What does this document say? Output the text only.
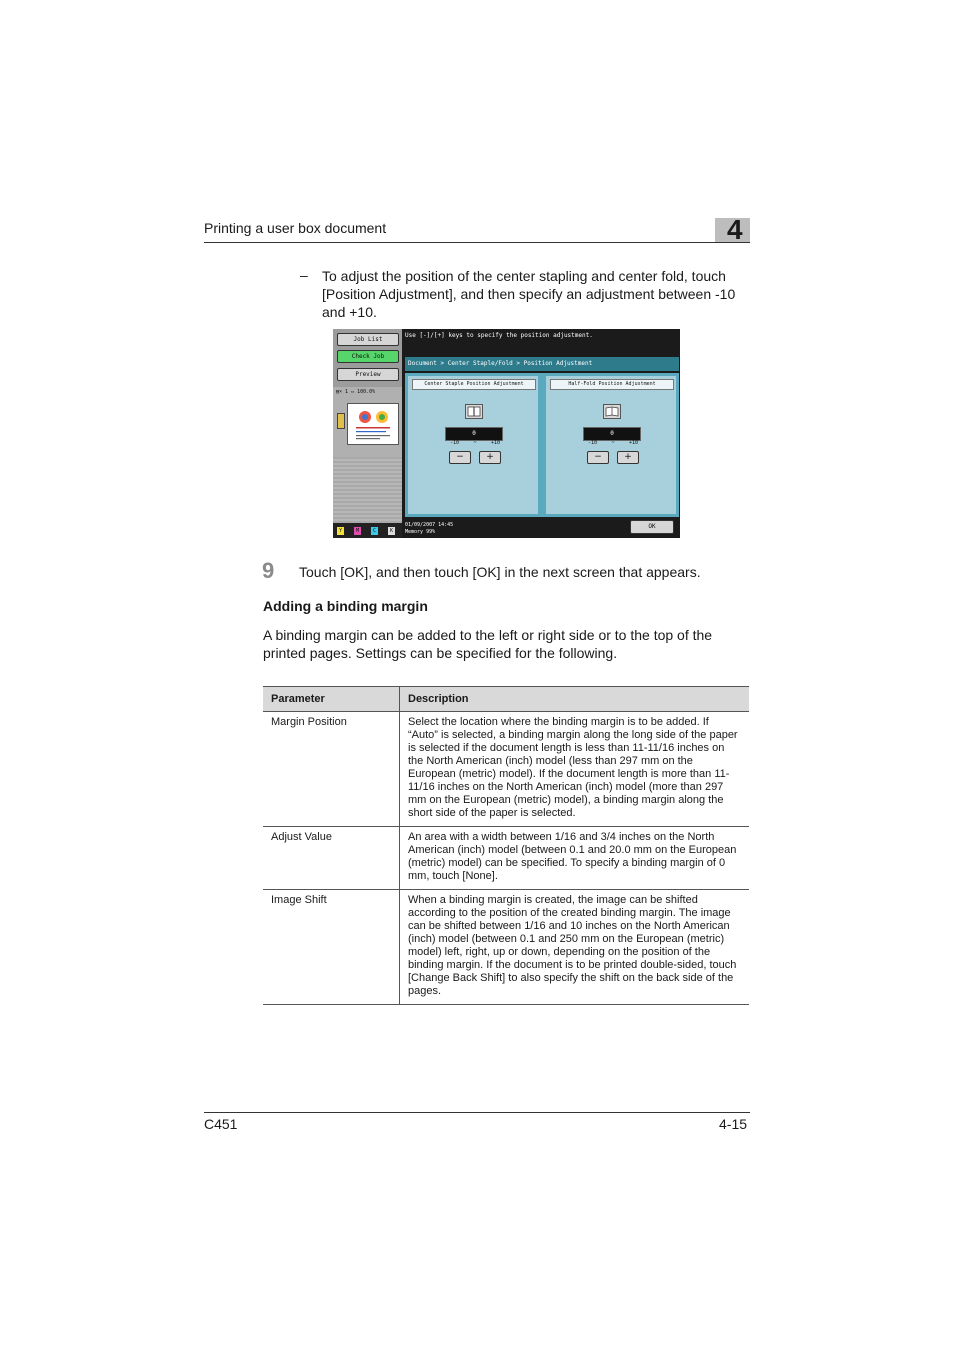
Printing a user box document	4
– To adjust the position of the center stapling and center fold, touch [Position Adjustment], and then specify an adjustment between -10 and +10.
Job List
Check Job
Preview
▤× 1 ▭ 100.0%
Y	M	C	K
Use [-]/[+] keys to specify the position adjustment.
Document > Center Staple/Fold > Position Adjustment
Center Staple Position Adjustment
0
-10	~	+10
−	+
Half-Fold Position Adjustment
0
-10	~	+10
−	+
01/09/2007 14:45
Memory 99%
OK
9 Touch [OK], and then touch [OK] in the next screen that appears.
Adding a binding margin
A binding margin can be added to the left or right side or to the top of the printed pages. Settings can be specified for the following.
Parameter	Description
Margin Position	Select the location where the binding margin is to be added. If “Auto” is selected, a binding margin along the long side of the paper is selected if the document length is less than 11-11/16 inches on the North American (inch) model (less than 297 mm on the European (metric) model). If the document length is more than 11-11/16 inches on the North American (inch) model (more than 297 mm on the European (metric) model), a binding margin along the short side of the paper is selected.
Adjust Value	An area with a width between 1/16 and 3/4 inches on the North American (inch) model (between 0.1 and 20.0 mm on the European (metric) model) can be specified. To specify a binding margin of 0 mm, touch [None].
Image Shift	When a binding margin is created, the image can be shifted according to the position of the created binding margin. The image can be shifted between 1/16 and 10 inches on the North American (inch) model (between 0.1 and 250 mm on the European (metric) model) left, right, up or down, depending on the position of the binding margin. If the document is to be printed double-sided, touch [Change Back Shift] to also specify the shift on the back side of the pages.
C451	4-15
